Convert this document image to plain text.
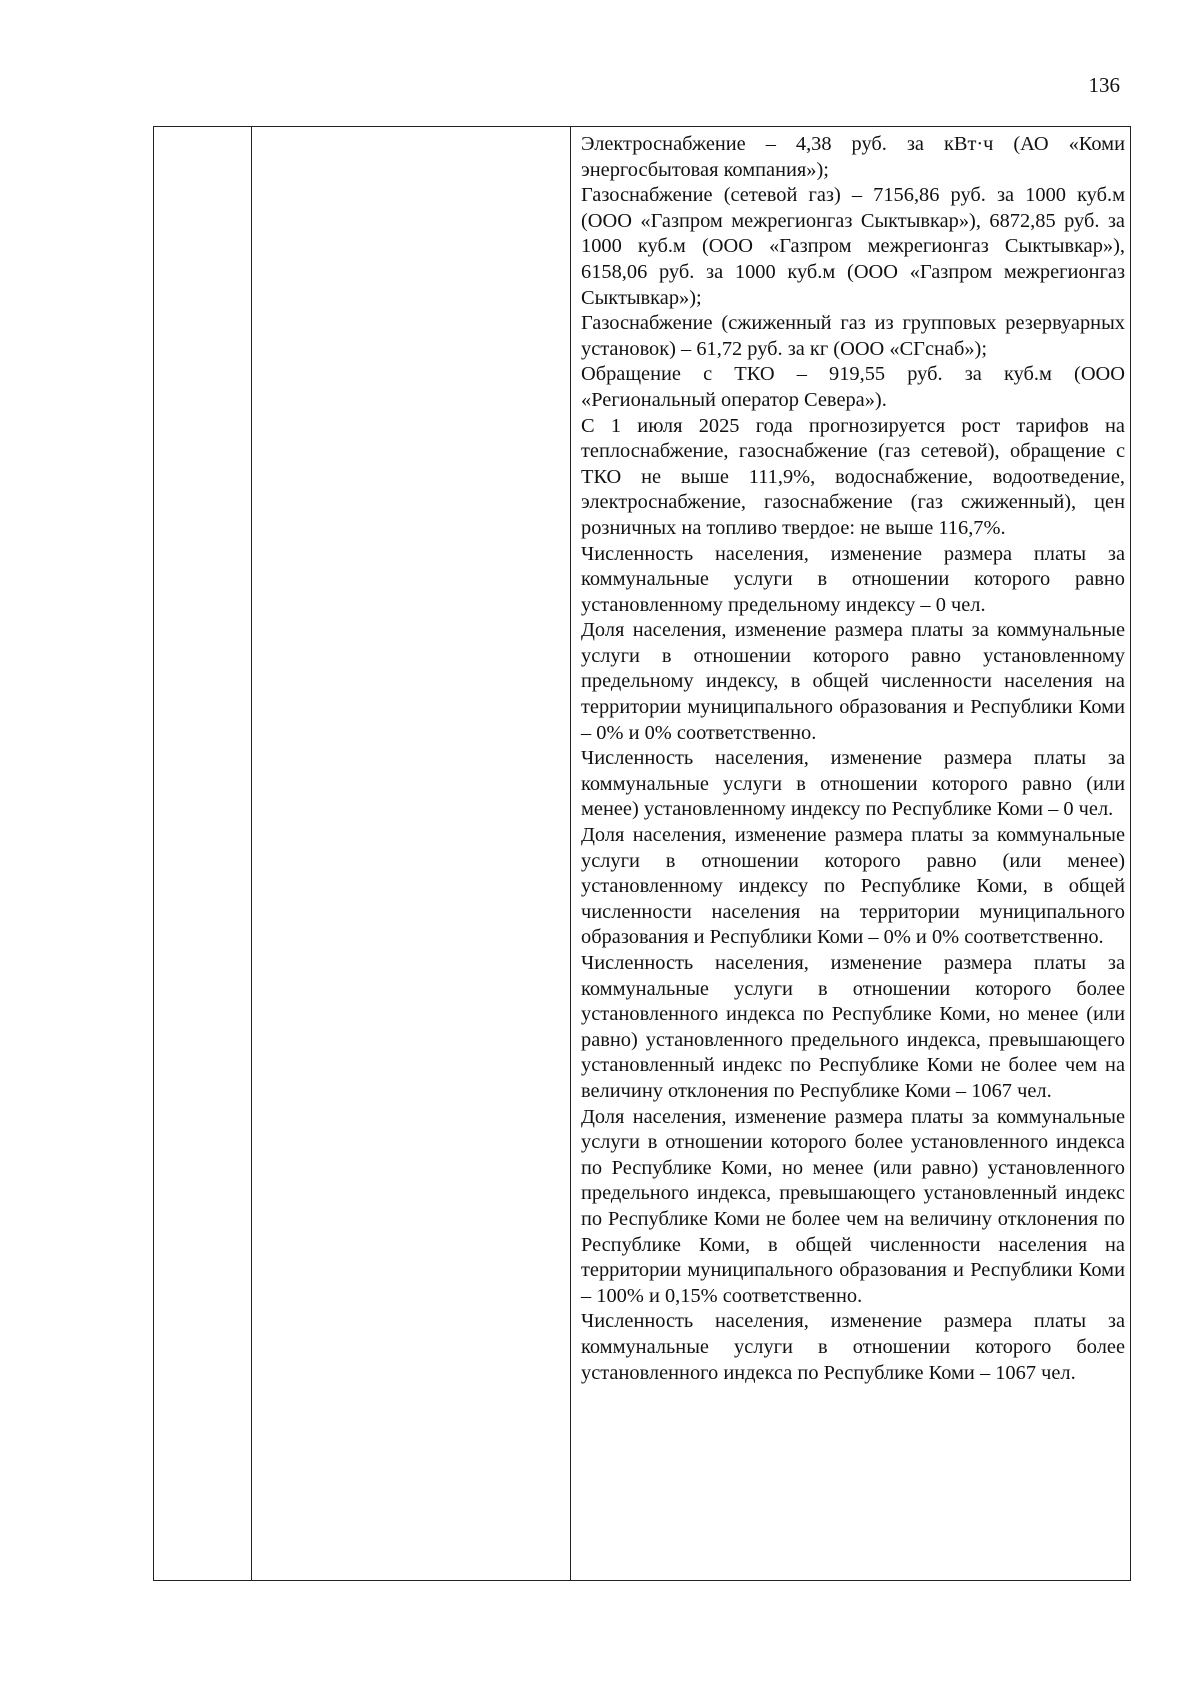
136

Электроснабжение – 4,38 руб. за кВт·ч (АО «Коми энергосбытовая компания»);

Газоснабжение (сетевой газ) – 7156,86 руб. за 1000 куб.м (ООО «Газпром межрегионгаз Сыктывкар»), 6872,85 руб. за 1000 куб.м (ООО «Газпром межрегионгаз Сыктывкар»), 6158,06 руб. за 1000 куб.м (ООО «Газпром межрегионгаз Сыктывкар»);

Газоснабжение (сжиженный газ из групповых резервуарных установок) – 61,72 руб. за кг (ООО «СГснаб»);

Обращение с ТКО – 919,55 руб. за куб.м (ООО «Региональный оператор Севера»).

С 1 июля 2025 года прогнозируется рост тарифов на теплоснабжение, газоснабжение (газ сетевой), обращение с ТКО не выше 111,9%, водоснабжение, водоотведение, электроснабжение, газоснабжение (газ сжиженный), цен розничных на топливо твердое: не выше 116,7%.

Численность населения, изменение размера платы за коммунальные услуги в отношении которого равно установленному предельному индексу – 0 чел.

Доля населения, изменение размера платы за коммунальные услуги в отношении которого равно установленному предельному индексу, в общей численности населения на территории муниципального образования и Республики Коми – 0% и 0% соответственно.

Численность населения, изменение размера платы за коммунальные услуги в отношении которого равно (или менее) установленному индексу по Республике Коми – 0 чел.

Доля населения, изменение размера платы за коммунальные услуги в отношении которого равно (или менее) установленному индексу по Республике Коми, в общей численности населения на территории муниципального образования и Республики Коми – 0% и 0% соответственно.

Численность населения, изменение размера платы за коммунальные услуги в отношении которого более установленного индекса по Республике Коми, но менее (или равно) установленного предельного индекса, превышающего установленный индекс по Республике Коми не более чем на величину отклонения по Республике Коми – 1067 чел.

Доля населения, изменение размера платы за коммунальные услуги в отношении которого более установленного индекса по Республике Коми, но менее (или равно) установленного предельного индекса, превышающего установленный индекс по Республике Коми не более чем на величину отклонения по Республике Коми, в общей численности населения на территории муниципального образования и Республики Коми – 100% и 0,15% соответственно.

Численность населения, изменение размера платы за коммунальные услуги в отношении которого более установленного индекса по Республике Коми – 1067 чел.
